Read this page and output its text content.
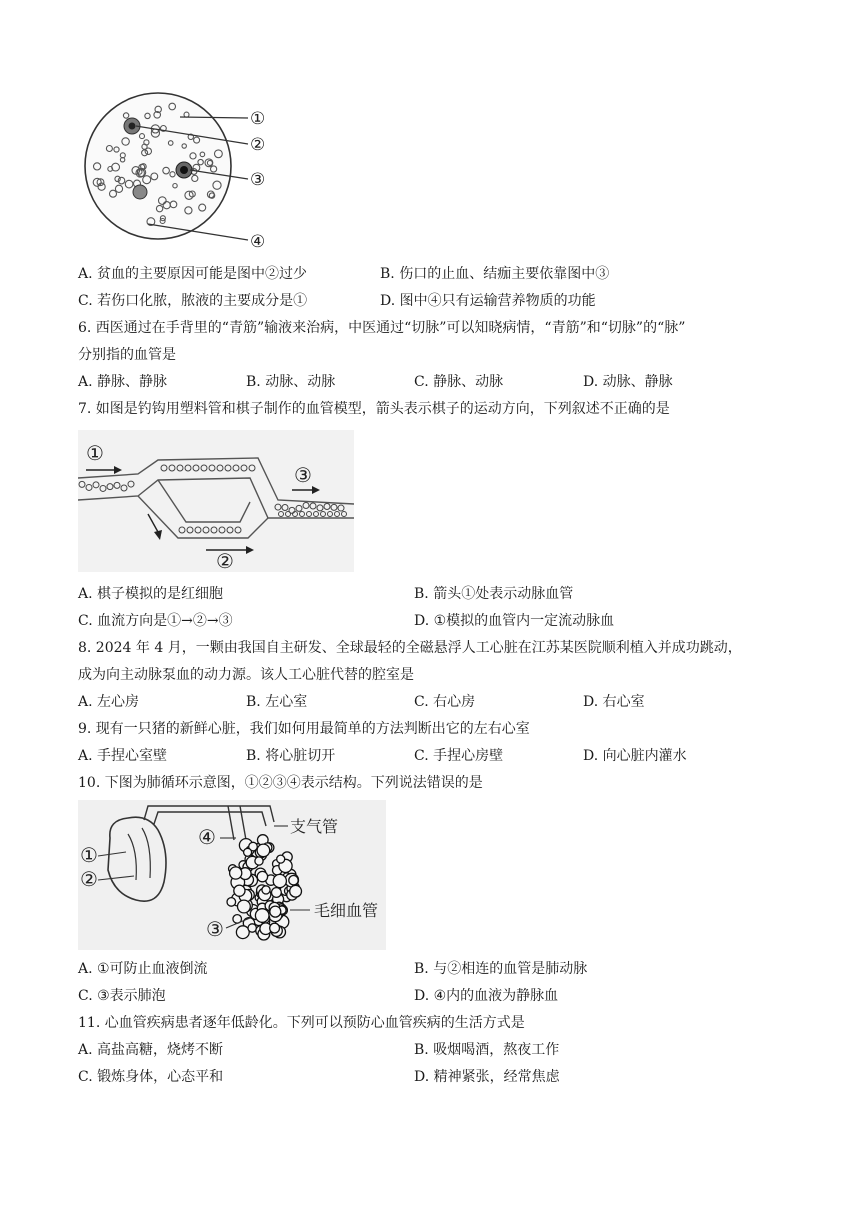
①
②
③
④
A. 贫血的主要原因可能是图中②过少	B. 伤口的止血、结痂主要依靠图中③
C. 若伤口化脓，脓液的主要成分是①	D. 图中④只有运输营养物质的功能
6. 西医通过在手背里的“青筋”输液来治病，中医通过“切脉”可以知晓病情，“青筋”和“切脉”的“脉”
分别指的血管是
A. 静脉、静脉	B. 动脉、动脉	C. 静脉、动脉	D. 动脉、静脉
7. 如图是钓钩用塑料管和棋子制作的血管模型，箭头表示棋子的运动方向，下列叙述不正确的是
①
②
③
A. 棋子模拟的是红细胞	B. 箭头①处表示动脉血管
C. 血流方向是①→②→③	D. ①模拟的血管内一定流动脉血
8. 2024 年 4 月，一颗由我国自主研发、全球最轻的全磁悬浮人工心脏在江苏某医院顺利植入并成功跳动，
成为向主动脉泵血的动力源。该人工心脏代替的腔室是
A. 左心房	B. 左心室	C. 右心房	D. 右心室
9. 现有一只猪的新鲜心脏，我们如何用最简单的方法判断出它的左右心室
A. 手捏心室壁	B. 将心脏切开	C. 手捏心房壁	D. 向心脏内灌水
10. 下图为肺循环示意图，①②③④表示结构。下列说法错误的是
①
②
④
③
支气管
毛细血管
A. ①可防止血液倒流	B. 与②相连的血管是肺动脉
C. ③表示肺泡	D. ④内的血液为静脉血
11. 心血管疾病患者逐年低龄化。下列可以预防心血管疾病的生活方式是
A. 高盐高糖，烧烤不断	B. 吸烟喝酒，熬夜工作
C. 锻炼身体，心态平和	D. 精神紧张，经常焦虑
